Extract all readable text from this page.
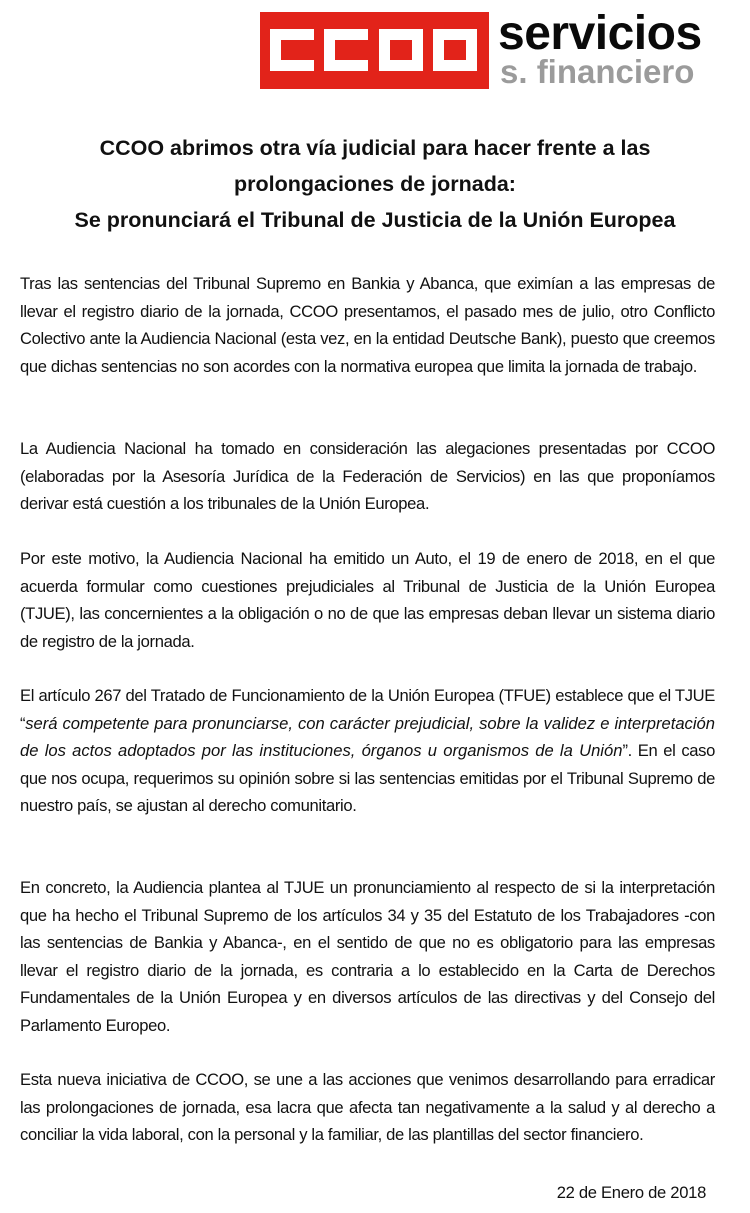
servicios
s. financiero
CCOO abrimos otra vía judicial para hacer frente a las
prolongaciones de jornada:
Se pronunciará el Tribunal de Justicia de la Unión Europea

Tras las sentencias del Tribunal Supremo en Bankia y Abanca, que eximían a las empresas de llevar el registro diario de la jornada, CCOO presentamos, el pasado mes de julio, otro Conflicto Colectivo ante la Audiencia Nacional (esta vez, en la entidad Deutsche Bank), puesto que creemos que dichas sentencias no son acordes con la normativa europea que limita la jornada de trabajo.

La Audiencia Nacional ha tomado en consideración las alegaciones presentadas por CCOO (elaboradas por la Asesoría Jurídica de la Federación de Servicios) en las que proponíamos derivar está cuestión a los tribunales de la Unión Europea.

Por este motivo, la Audiencia Nacional ha emitido un Auto, el 19 de enero de 2018, en el que acuerda formular como cuestiones prejudiciales al Tribunal de Justicia de la Unión Europea (TJUE), las concernientes a la obligación o no de que las empresas deban llevar un sistema diario de registro de la jornada.

El artículo 267 del Tratado de Funcionamiento de la Unión Europea (TFUE) establece que el TJUE “será competente para pronunciarse, con carácter prejudicial, sobre la validez e interpretación de los actos adoptados por las instituciones, órganos u organismos de la Unión”. En el caso que nos ocupa, requerimos su opinión sobre si las sentencias emitidas por el Tribunal Supremo de nuestro país, se ajustan al derecho comunitario.

En concreto, la Audiencia plantea al TJUE un pronunciamiento al respecto de si la interpretación que ha hecho el Tribunal Supremo de los artículos 34 y 35 del Estatuto de los Trabajadores -con las sentencias de Bankia y Abanca-, en el sentido de que no es obligatorio para las empresas llevar el registro diario de la jornada, es contraria a lo establecido en la Carta de Derechos Fundamentales de la Unión Europea y en diversos artículos de las directivas y del Consejo del Parlamento Europeo.

Esta nueva iniciativa de CCOO, se une a las acciones que venimos desarrollando para erradicar las prolongaciones de jornada, esa lacra que afecta tan negativamente a la salud y al derecho a conciliar la vida laboral, con la personal y la familiar, de las plantillas del sector financiero.

22 de Enero de 2018
